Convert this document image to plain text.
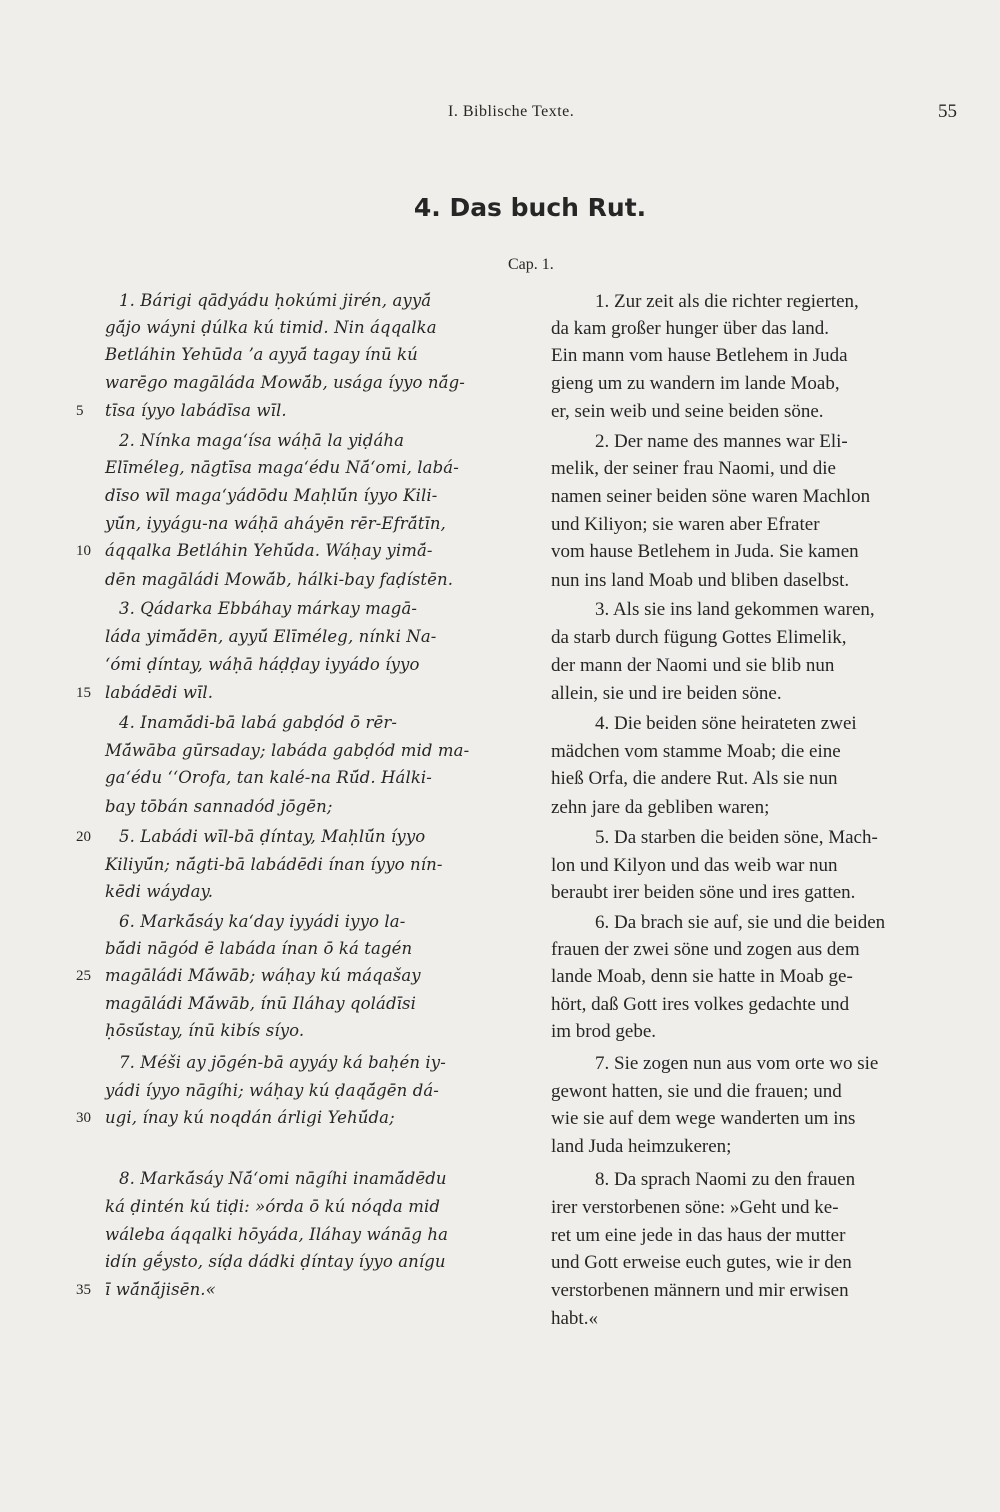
I. Biblische Texte.	55
4. Das buch Rut.
Cap. 1.
1. Bárigi qādyádu ḥokúmi jirén, ayyā́
gā́jo wáyni ḍúlka kú timid. Nin áqqalka
Betláhin Yehūda ʼa ayyā́ tagay ínū kú
warēgo magāláda Mowā́b, usága íyyo nā́g-
tīsa íyyo labádīsa wīl.
2. Nínka magaʻísa wáḥā la yiḍáha
Elīméleg, nāgtīsa magaʻédu Nā́ʻomi, labá-
dīso wīl magaʻyádōdu Maḥlū́n íyyo Kili-
yū́n, iyyágu-na wáḥā aháyēn rēr-Efrā́tīn,
áqqalka Betláhin Yehū́da. Wáḥay yimā́-
dēn magāládi Mowā́b, hálki-bay faḍístēn.
3. Qádarka Ebbáhay márkay magā-
láda yimā́dēn, ayyū́ Elīméleg, nínki Na-
ʻómi ḍíntay, wáḥā háḍḍay iyyádo íyyo
labádēdi wīl.
4. Inamā́di-bā labá gabḍód ō rēr-
Mā́wāba gūrsaday; labáda gabḍód mid ma-
gaʻédu ʻʻOrofa, tan kalé-na Rū́d. Hálki-
bay tōbán sannadód jōgēn;
5. Labádi wīl-bā ḍíntay, Maḥlū́n íyyo
Kiliyū́n; nā́gti-bā labádēdi ínan íyyo nín-
kēdi wáyday.
6. Markā́sáy kaʻday iyyádi iyyo la-
bā́di nāgód ē labáda ínan ō ká tagén
magāládi Mā́wāb; wáḥay kú máqašay
magāládi Mā́wāb, ínū Iláhay qoládīsi
ḥōsū́stay, ínū kibís síyo.
7. Méši ay jōgén-bā ayyáy ká baḥén iy-
yádi íyyo nāgíhi; wáḥay kú ḍaqā́gēn dá-
ugi, ínay kú noqdán árligi Yehū́da;
8. Markā́sáy Nā́ʻomi nāgíhi inamā́dēdu
ká ḍintén kú tiḍi: »órda ō kú nóqda mid
wáleba áqqalki hōyáda, Iláhay wánāg ha
idín gḗysto, síḍa dádki ḍíntay íyyo anígu
ī wā́nā́jisēn.«
1. Zur zeit als die richter regierten,
da kam großer hunger über das land.
Ein mann vom hause Betlehem in Juda
gieng um zu wandern im lande Moab,
er, sein weib und seine beiden söne.
2. Der name des mannes war Eli-
melik, der seiner frau Naomi, und die
namen seiner beiden söne waren Machlon
und Kiliyon; sie waren aber Efrater
vom hause Betlehem in Juda. Sie kamen
nun ins land Moab und bliben daselbst.
3. Als sie ins land gekommen waren,
da starb durch fügung Gottes Elimelik,
der mann der Naomi und sie blib nun
allein, sie und ire beiden söne.
4. Die beiden söne heirateten zwei
mädchen vom stamme Moab; die eine
hieß Orfa, die andere Rut. Als sie nun
zehn jare da gebliben waren;
5. Da starben die beiden söne, Mach-
lon und Kilyon und das weib war nun
beraubt irer beiden söne und ires gatten.
6. Da brach sie auf, sie und die beiden
frauen der zwei söne und zogen aus dem
lande Moab, denn sie hatte in Moab ge-
hört, daß Gott ires volkes gedachte und
im brod gebe.
7. Sie zogen nun aus vom orte wo sie
gewont hatten, sie und die frauen; und
wie sie auf dem wege wanderten um ins
land Juda heimzukeren;
8. Da sprach Naomi zu den frauen
irer verstorbenen söne: »Geht und ke-
ret um eine jede in das haus der mutter
und Gott erweise euch gutes, wie ir den
verstorbenen männern und mir erwisen
habt.«
5
10
15
20
25
30
35
